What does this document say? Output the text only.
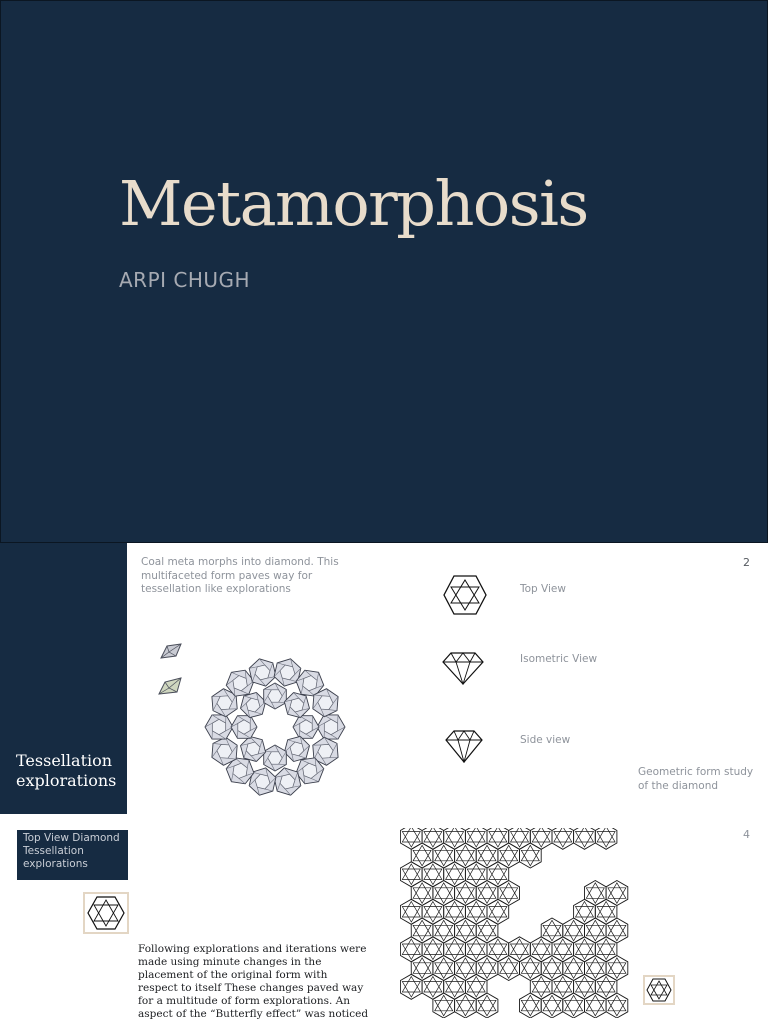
Metamorphosis
ARPI CHUGH
Tessellation explorations
Coal meta morphs into diamond. This multifaceted form paves way for tessellation like explorations
2
Top View
Isometric View
Side view
Geometric form study of the diamond
Top View Diamond Tessellation explorations
Following explorations and iterations were made using minute changes in the placement of the original form with respect to itself These changes paved way for a multitude of form explorations. An aspect of the “Butterfly effect” was noticed
4
